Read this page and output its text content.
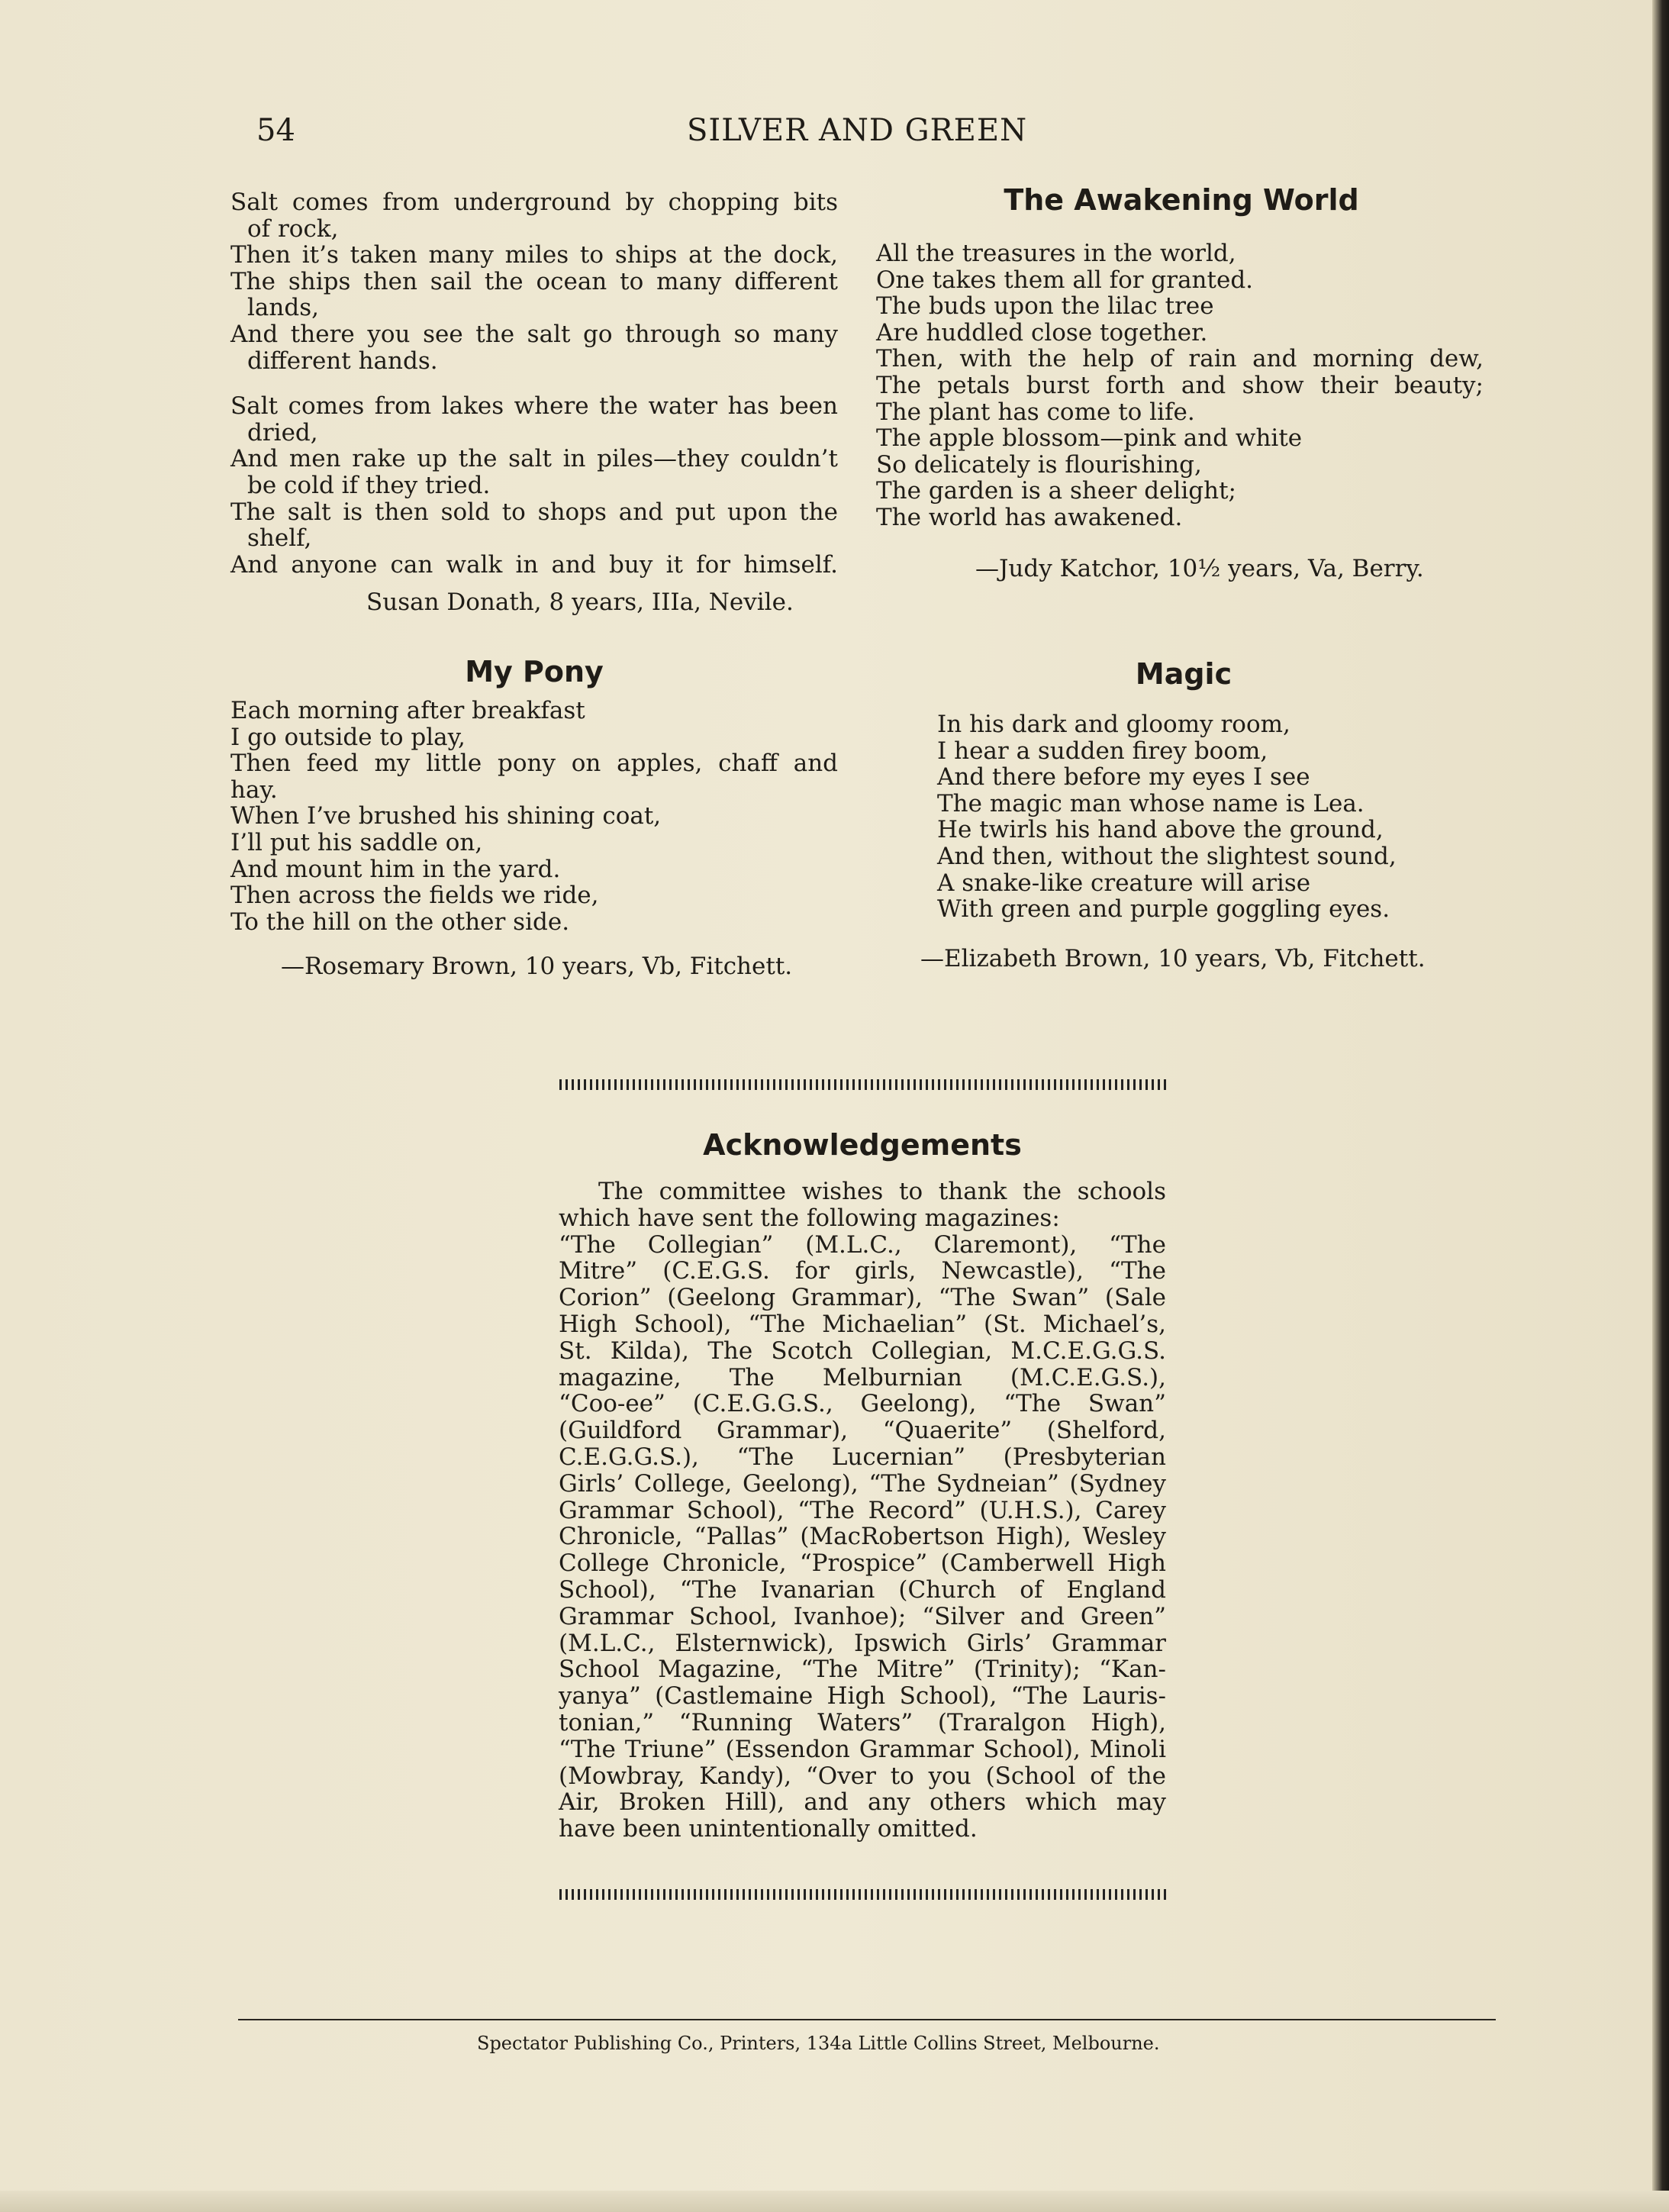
54	SILVER AND GREEN
Salt comes from underground by chopping bits
of rock,
Then it’s taken many miles to ships at the dock,
The ships then sail the ocean to many different
lands,
And there you see the salt go through so many
different hands.
Salt comes from lakes where the water has been
dried,
And men rake up the salt in piles—they couldn’t
be cold if they tried.
The salt is then sold to shops and put upon the
shelf,
And anyone can walk in and buy it for himself.
Susan Donath, 8 years, IIIa, Nevile.
The Awakening World
All the treasures in the world,
One takes them all for granted.
The buds upon the lilac tree
Are huddled close together.
Then, with the help of rain and morning dew,
The petals burst forth and show their beauty;
The plant has come to life.
The apple blossom—pink and white
So delicately is flourishing,
The garden is a sheer delight;
The world has awakened.
—Judy Katchor, 10½ years, Va, Berry.
My Pony
Each morning after breakfast
I go outside to play,
Then feed my little pony on apples, chaff and
hay.
When I’ve brushed his shining coat,
I’ll put his saddle on,
And mount him in the yard.
Then across the fields we ride,
To the hill on the other side.
—Rosemary Brown, 10 years, Vb, Fitchett.
Magic
In his dark and gloomy room,
I hear a sudden firey boom,
And there before my eyes I see
The magic man whose name is Lea.
He twirls his hand above the ground,
And then, without the slightest sound,
A snake-like creature will arise
With green and purple goggling eyes.
—Elizabeth Brown, 10 years, Vb, Fitchett.
Acknowledgements
The committee wishes to thank the schools
which have sent the following magazines:
“The Collegian” (M.L.C., Claremont), “The
Mitre” (C.E.G.S. for girls, Newcastle), “The
Corion” (Geelong Grammar), “The Swan” (Sale
High School), “The Michaelian” (St. Michael’s,
St. Kilda), The Scotch Collegian, M.C.E.G.G.S.
magazine, The Melburnian (M.C.E.G.S.),
“Coo-ee” (C.E.G.G.S., Geelong), “The Swan”
(Guildford Grammar), “Quaerite” (Shelford,
C.E.G.G.S.), “The Lucernian” (Presbyterian
Girls’ College, Geelong), “The Sydneian” (Sydney
Grammar School), “The Record” (U.H.S.), Carey
Chronicle, “Pallas” (MacRobertson High), Wesley
College Chronicle, “Prospice” (Camberwell High
School), “The Ivanarian (Church of England
Grammar School, Ivanhoe); “Silver and Green”
(M.L.C., Elsternwick), Ipswich Girls’ Grammar
School Magazine, “The Mitre” (Trinity); “Kan-
yanya” (Castlemaine High School), “The Lauris-
tonian,” “Running Waters” (Traralgon High),
“The Triune” (Essendon Grammar School), Minoli
(Mowbray, Kandy), “Over to you (School of the
Air, Broken Hill), and any others which may
have been unintentionally omitted.
Spectator Publishing Co., Printers, 134a Little Collins Street, Melbourne.
